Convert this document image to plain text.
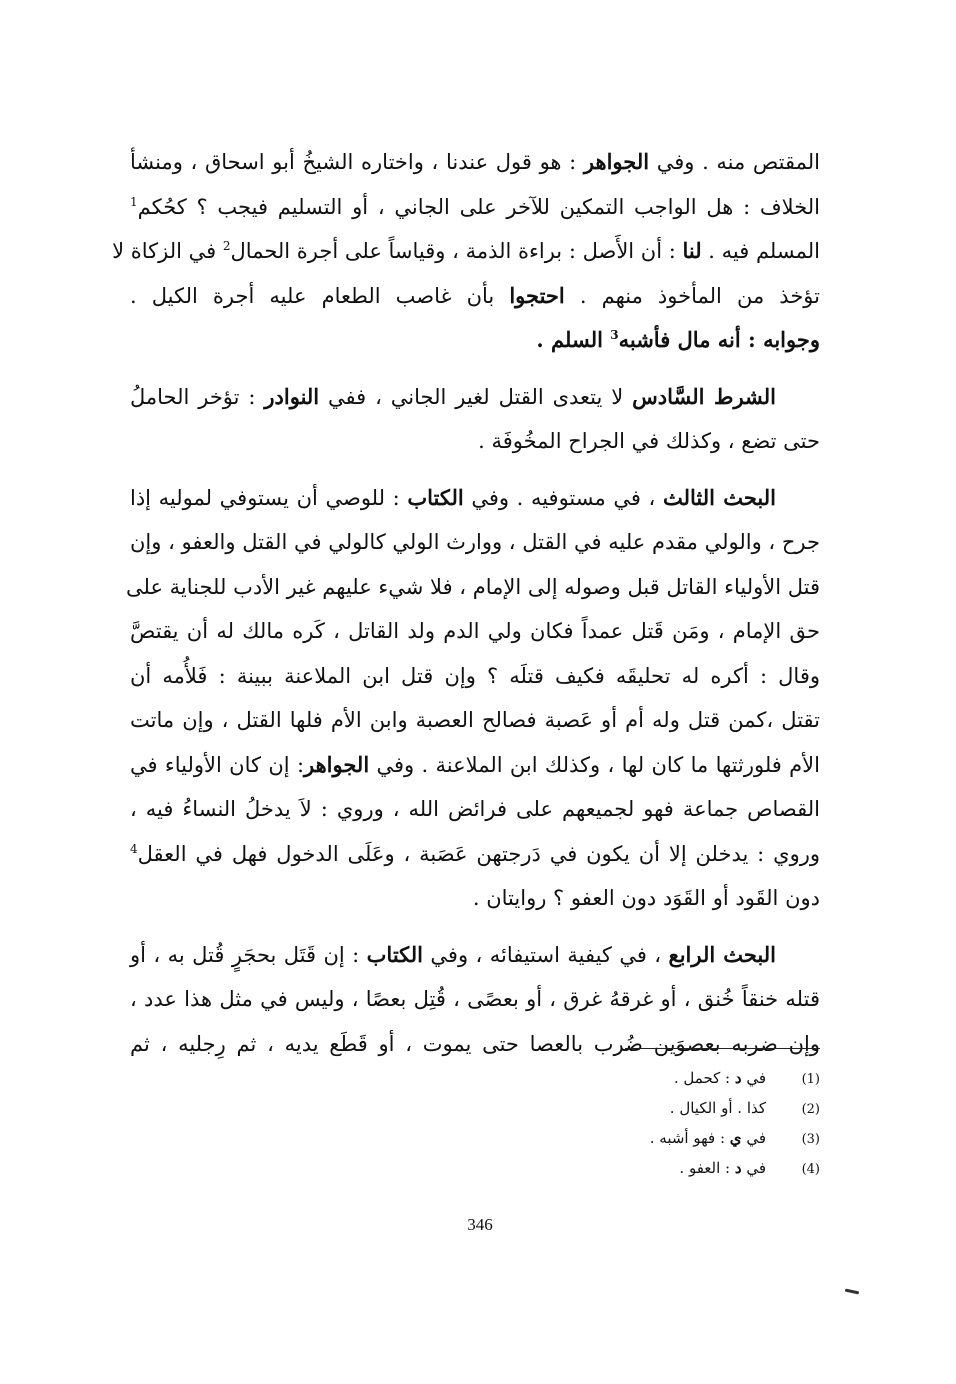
المقتص منه . وفي الجواهر : هو قول عندنا ، واختاره الشيخُ أبو اسحاق ، ومنشأ
الخلاف : هل الواجب التمكين للآخر على الجاني ، أو التسليم فيجب ؟ كحُكم$^1$
المسلم فيه . لنا : أن الأَصل : براءة الذمة ، وقياساً على أجرة الحمال$^2$ في الزكاة لا
تؤخذ من المأخوذ منهم . احتجوا بأن غاصب الطعام عليه أجرة الكيل .
وجوابه : أنه مال فأشبه$^3$ السلم .
الشرط السَّادس لا يتعدى القتل لغير الجاني ، ففي النوادر : تؤخر الحاملُ
حتى تضع ، وكذلك في الجراح المخُوفَة .
البحث الثالث ، في مستوفيه . وفي الكتاب : للوصي أن يستوفي لموليه إذا
جرح ، والولي مقدم عليه في القتل ، ووارث الولي كالولي في القتل والعفو ، وإن
قتل الأولياء القاتل قبل وصوله إلى الإمام ، فلا شيء عليهم غير الأدب للجناية على
حق الإمام ، ومَن قَتل عمداً فكان ولي الدم ولد القاتل ، كَره مالك له أن يقتصَّ
وقال : أكره له تحليقَه فكيف قتلَه ؟ وإن قتل ابن الملاعنة ببينة : فَلأُمه أن
تقتل ،كمن قتل وله أم أو عَصبة فصالح العصبة وابن الأم فلها القتل ، وإن ماتت
الأم فلورثتها ما كان لها ، وكذلك ابن الملاعنة . وفي الجواهر: إن كان الأولياء في
القصاص جماعة فهو لجميعهم على فرائض الله ، وروي : لاَ يدخلُ النساءُ فيه ،
وروي : يدخلن إلا أن يكون في دَرجتهن عَصَبة ، وعَلَى الدخول فهل في العقل$^4$
دون القَود أو القَوَد دون العفو ؟ روايتان .
البحث الرابع ، في كيفية استيفائه ، وفي الكتاب : إن قَتَل بحجَرٍ قُتل به ، أو
قتله خنقاً خُنق ، أو غرقهُ غرق ، أو بعصًى ، قُتِل بعصًا ، وليس في مثل هذا عدد ،
وإن ضربه بعصوَين ضُرب بالعصا حتى يموت ، أو قَطَع يديه ، ثم رِجليه ، ثم
(1)
في د : كحمل .
(2)
كذا . أو الكيال .
(3)
في ي : فهو أشبه .
(4)
في د : العفو .
346
